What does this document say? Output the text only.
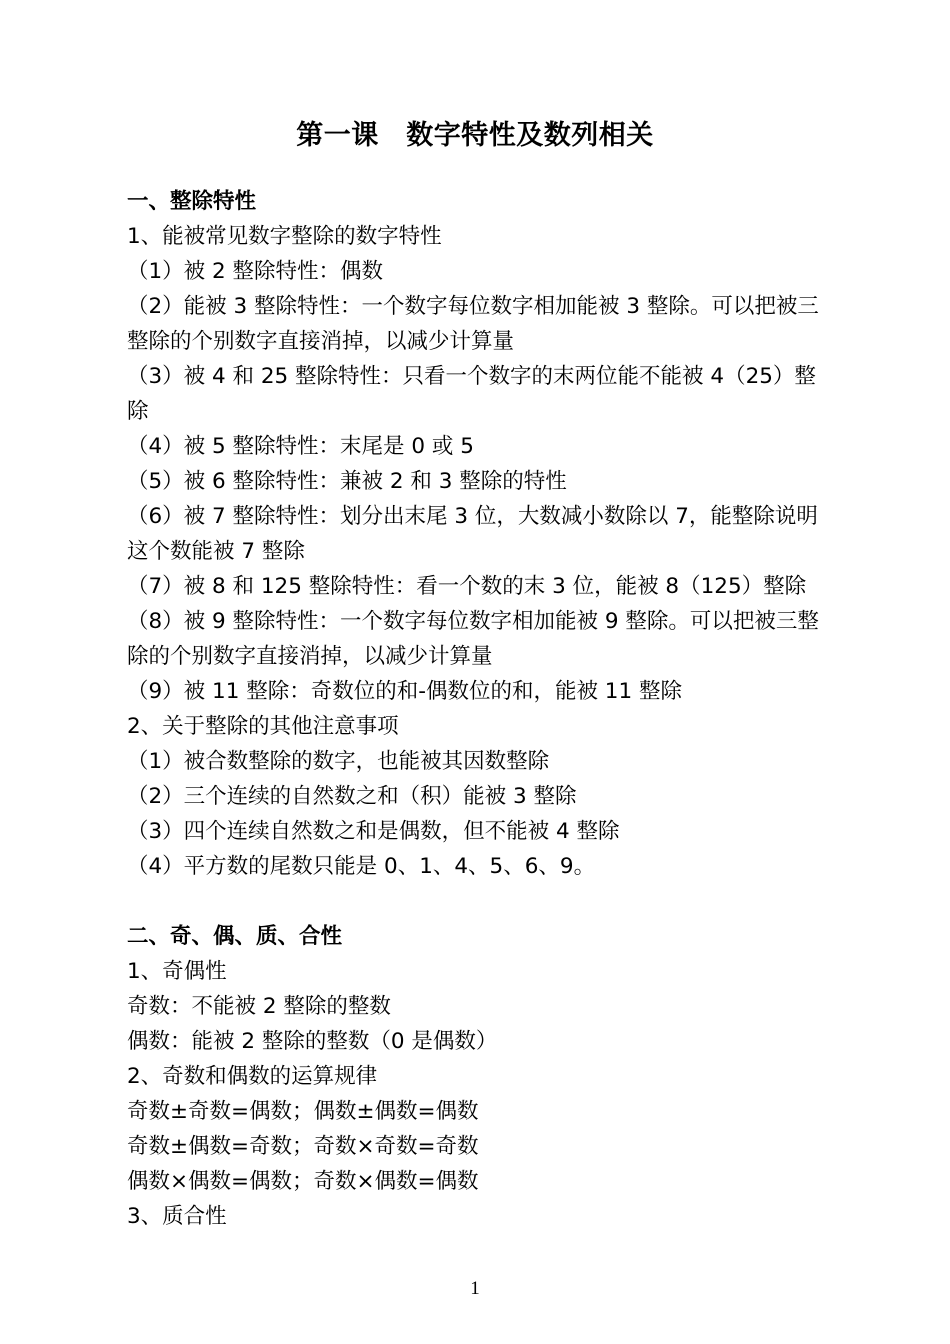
第一课　数字特性及数列相关
一、整除特性
1、能被常见数字整除的数字特性
（1）被 2 整除特性：偶数
（2）能被 3 整除特性：一个数字每位数字相加能被 3 整除。可以把被三
整除的个别数字直接消掉，以减少计算量
（3）被 4 和 25 整除特性：只看一个数字的末两位能不能被 4（25）整
除
（4）被 5 整除特性：末尾是 0 或 5
（5）被 6 整除特性：兼被 2 和 3 整除的特性
（6）被 7 整除特性：划分出末尾 3 位，大数减小数除以 7，能整除说明
这个数能被 7 整除
（7）被 8 和 125 整除特性：看一个数的末 3 位，能被 8（125）整除
（8）被 9 整除特性：一个数字每位数字相加能被 9 整除。可以把被三整
除的个别数字直接消掉，以减少计算量
（9）被 11 整除：奇数位的和-偶数位的和，能被 11 整除
2、关于整除的其他注意事项
（1）被合数整除的数字，也能被其因数整除
（2）三个连续的自然数之和（积）能被 3 整除
（3）四个连续自然数之和是偶数，但不能被 4 整除
（4）平方数的尾数只能是 0、1、4、5、6、9。
二、奇、偶、质、合性
1、奇偶性
奇数：不能被 2 整除的整数
偶数：能被 2 整除的整数（0 是偶数）
2、奇数和偶数的运算规律
奇数±奇数=偶数；偶数±偶数=偶数
奇数±偶数=奇数；奇数×奇数=奇数
偶数×偶数=偶数；奇数×偶数=偶数
3、质合性
1
